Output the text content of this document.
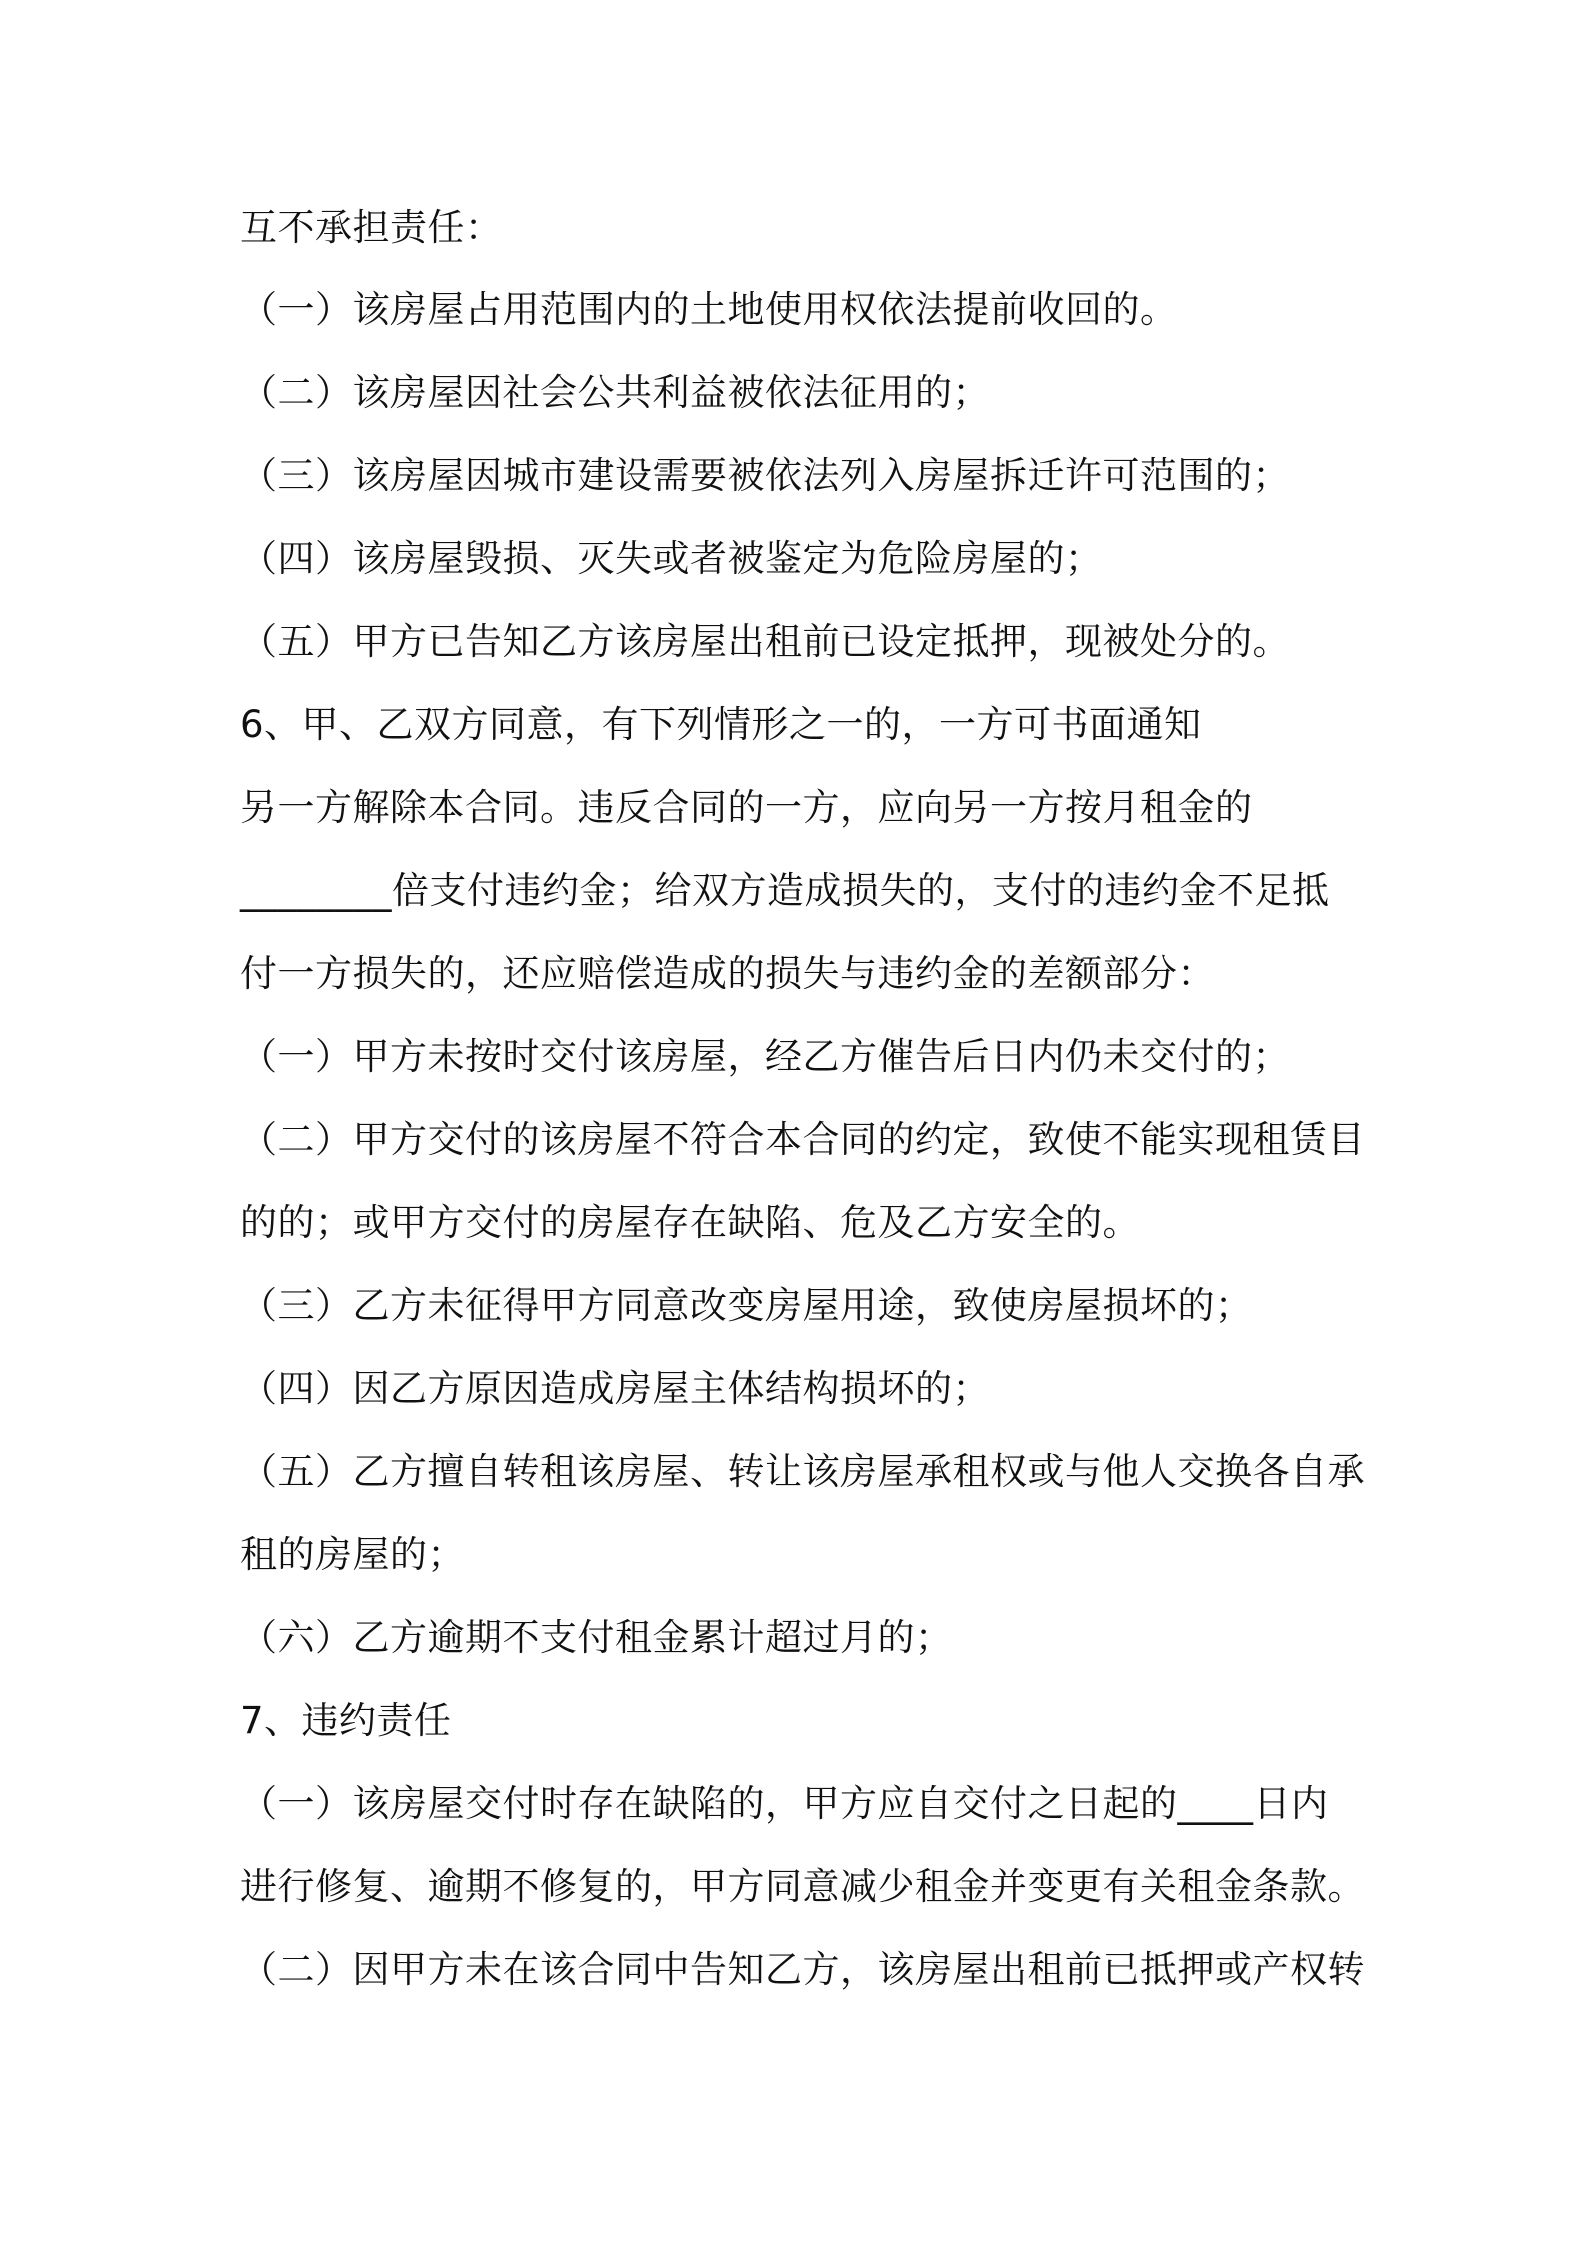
互不承担责任：
（一）该房屋占用范围内的土地使用权依法提前收回的。
（二）该房屋因社会公共利益被依法征用的；
（三）该房屋因城市建设需要被依法列入房屋拆迁许可范围的；
（四）该房屋毁损、灭失或者被鉴定为危险房屋的；
（五）甲方已告知乙方该房屋出租前已设定抵押，现被处分的。
6、甲、乙双方同意，有下列情形之一的，一方可书面通知
另一方解除本合同。违反合同的一方，应向另一方按月租金的
________倍支付违约金；给双方造成损失的，支付的违约金不足抵
付一方损失的，还应赔偿造成的损失与违约金的差额部分：
（一）甲方未按时交付该房屋，经乙方催告后日内仍未交付的；
（二）甲方交付的该房屋不符合本合同的约定，致使不能实现租赁目
的的；或甲方交付的房屋存在缺陷、危及乙方安全的。
（三）乙方未征得甲方同意改变房屋用途，致使房屋损坏的；
（四）因乙方原因造成房屋主体结构损坏的；
（五）乙方擅自转租该房屋、转让该房屋承租权或与他人交换各自承
租的房屋的；
（六）乙方逾期不支付租金累计超过月的；
7、违约责任
（一）该房屋交付时存在缺陷的，甲方应自交付之日起的____日内
进行修复、逾期不修复的，甲方同意减少租金并变更有关租金条款。
（二）因甲方未在该合同中告知乙方，该房屋出租前已抵押或产权转
